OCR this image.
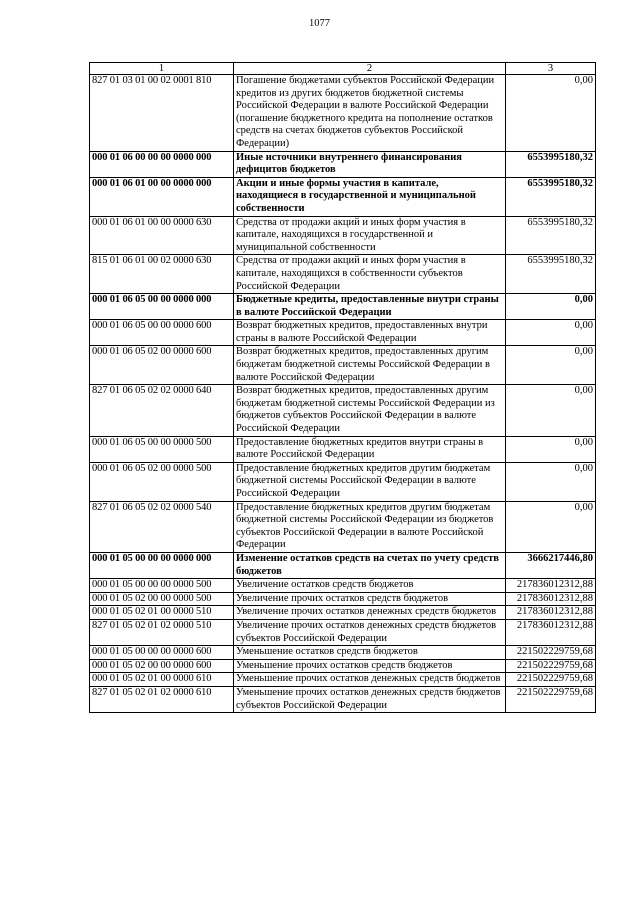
1077
1	2	3
827 01 03 01 00 02 0001 810	Погашение бюджетами субъектов Российской Федерации кредитов из других бюджетов бюджетной системы Российской Федерации в валюте Российской Федерации (погашение бюджетного кредита на пополнение остатков средств на счетах бюджетов субъектов Российской Федерации)	0,00
000 01 06 00 00 00 0000 000	Иные источники внутреннего финансирования дефицитов бюджетов	6553995180,32
000 01 06 01 00 00 0000 000	Акции и иные формы участия в капитале, находящиеся в государственной и муниципальной собственности	6553995180,32
000 01 06 01 00 00 0000 630	Средства от продажи акций и иных форм участия в капитале, находящихся в государственной и муниципальной собственности	6553995180,32
815 01 06 01 00 02 0000 630	Средства от продажи акций и иных форм участия в капитале, находящихся в собственности субъектов Российской Федерации	6553995180,32
000 01 06 05 00 00 0000 000	Бюджетные кредиты, предоставленные внутри страны в валюте Российской Федерации	0,00
000 01 06 05 00 00 0000 600	Возврат бюджетных кредитов, предоставленных внутри страны в валюте Российской Федерации	0,00
000 01 06 05 02 00 0000 600	Возврат бюджетных кредитов, предоставленных другим бюджетам бюджетной системы Российской Федерации в валюте Российской Федерации	0,00
827 01 06 05 02 02 0000 640	Возврат бюджетных кредитов, предоставленных другим бюджетам бюджетной системы Российской Федерации из бюджетов субъектов Российской Федерации в валюте Российской Федерации	0,00
000 01 06 05 00 00 0000 500	Предоставление бюджетных кредитов внутри страны в валюте Российской Федерации	0,00
000 01 06 05 02 00 0000 500	Предоставление бюджетных кредитов другим бюджетам бюджетной системы Российской Федерации в валюте Российской Федерации	0,00
827 01 06 05 02 02 0000 540	Предоставление бюджетных кредитов другим бюджетам бюджетной системы Российской Федерации из бюджетов субъектов Российской Федерации в валюте Российской Федерации	0,00
000 01 05 00 00 00 0000 000	Изменение остатков средств на счетах по учету средств бюджетов	3666217446,80
000 01 05 00 00 00 0000 500	Увеличение остатков средств бюджетов	217836012312,88
000 01 05 02 00 00 0000 500	Увеличение прочих остатков средств бюджетов	217836012312,88
000 01 05 02 01 00 0000 510	Увеличение прочих остатков денежных средств бюджетов	217836012312,88
827 01 05 02 01 02 0000 510	Увеличение прочих остатков денежных средств бюджетов субъектов Российской Федерации	217836012312,88
000 01 05 00 00 00 0000 600	Уменьшение остатков средств бюджетов	221502229759,68
000 01 05 02 00 00 0000 600	Уменьшение прочих остатков средств бюджетов	221502229759,68
000 01 05 02 01 00 0000 610	Уменьшение прочих остатков денежных средств бюджетов	221502229759,68
827 01 05 02 01 02 0000 610	Уменьшение прочих остатков денежных средств бюджетов субъектов Российской Федерации	221502229759,68
